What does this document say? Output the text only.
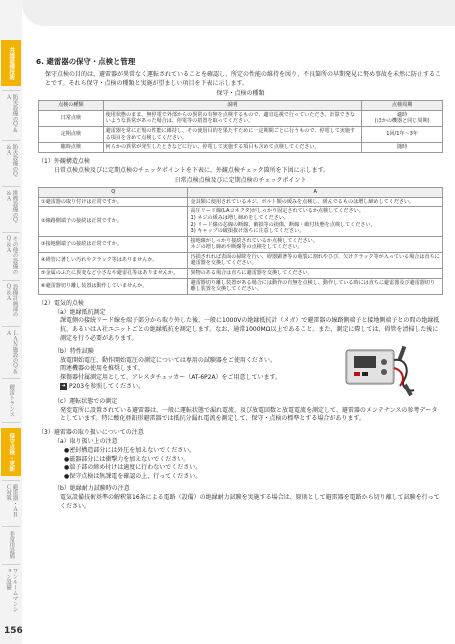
共通設備技術
防災設備のＱ＆Ａ
防火設備のＱ＆Ａ
排煙設備のＱ＆Ａ
その他の設備のＱ＆Ａ
設備計画部のＱ＆Ａ
ＬＡＮ施設のＱ＆Ａ
耐雷トランス
保守点検・更新
避雷器・ＡＲＣ対策
非常用設備
ワンルームマンション設備
156
6. 避雷器の保守・点検と管理
保守点検の目的は、避雷器が異常なく運転されていることを確認し、所定の性能の維持を図り、不良箇所の早期発見に努め事故を未然に防止することです。それら保守・点検の種類と実施が望ましい項目を下表に示します。
保守・点検の種類
点検の種類	説明	点検周期
日常点検	使用状態のまま、無停電で外部からの異常の有無を点検するもので、適宜巡視で行っていただき、計算できないような異常があった場合は、停電等の措置を取ってください。	適時
(ほかの機器と同じ周期)
定期点検	避雷器を常に正規の性能に維持し、その使用目的を果たすために一定期間ごとに行うもので、停電して実施する項目を含めて点検してください。	1回/1年〜3年
臨時点検	何らかの異常が発生したときなどに行い、停電して実施する項目も含めて点検してください。	随時
（1）外観構造点検
日常点検点検及びに定期点検のチェックポイントを下表に、外観点検チェック箇所を下図に示します。
日常点検点検及びに定期点検のチェックポイント
Q	A
①避雷器の取り付けは正常ですか。	金具類に使用されているネジ、ボルト類の緩みを点検し、緩んでるものは増し締めしてください。
②線路側端子の接続は正常ですか。	高圧リード線(LAコネクタ)がしっかり固定されているか点検してください。
1) ネジの緩みは増し締めをしてください。
2) リード線の芯線の断線、破損等の損傷、断線・破付状態を点検してください。
3) キャップの破損抜け落ちに注意してください。
③接地側端子の接続は正常ですか。	接地線がしっかり接続されているか点検してください。
ネジの増し締めや断線等の点検をしてください。
④碍管に著しい汚れやクラック等はありませんか。	汚損されれば表面の掃除を行い、碍器顕著等の亀裂に割れやひび、欠けクラック等が入っている場合は直ちに避雷器を交換してください。
⑤金属のふたに異変など小さなや避雷孔等はありませんか。	異物のある場合は直ちに避雷器を交換してください。
⑥避雷器切り離し装置は動作していませんか。	避雷器切り離し装置がある場合には動作の有無を点検し、動作している時には直ちに避雷器及び避雷器切り離し装置を交換してください。
（2）電気的点検
（a）絶縁抵抗測定
課電側の接続リード線を端子部分から取り外した後、一般に1000Vの絶縁抵抗計（メガ）で避雷器の線路側端子と接地側端子との間の絶縁抵抗、あるいはＡ社ユニットごとの絶縁抵抗を測定します。なお、通常1000MΩ以上であること。また、測定に際しては、碍管を清掃した後に測定を行う必要があります。
（b）特性試験
放電開始電圧、動作開始電圧の測定については専用の試験器をご使用ください。
関連機器の使用を推奨します。
探傷器付属測定用として、アレスタチェッカー（AT-6P2A）をご用意しています。
➜ P203を参照してください。
（c）運転状態での測定
発変電所に設置されている避雷器は、一般に運転状態で漏れ電流、及び放電回数と放電電流を測定して、避雷器のメンテナンスの参考データとしています。特に酸化亜鉛形避雷器では抵抗分漏れ電流を測定して、保守・点検の標準とする場合があります。
（3）避雷器の取り扱いについての注意
（a）取り扱い上の注意
●密封構造部分には外圧を加えないでください。
●磁器部分には衝撃力を加えないでください。
●端子部の締め付けは適度に行わないでください。
●保守点検は無課電を確認の上、行ってください。
（b）絶縁耐力試験時の注意
電気設備技術基準の解釈第16条による電路（設備）の絶縁耐力試験を実施する場合は、原則として避雷器を電路から切り離して試験を行ってください。
